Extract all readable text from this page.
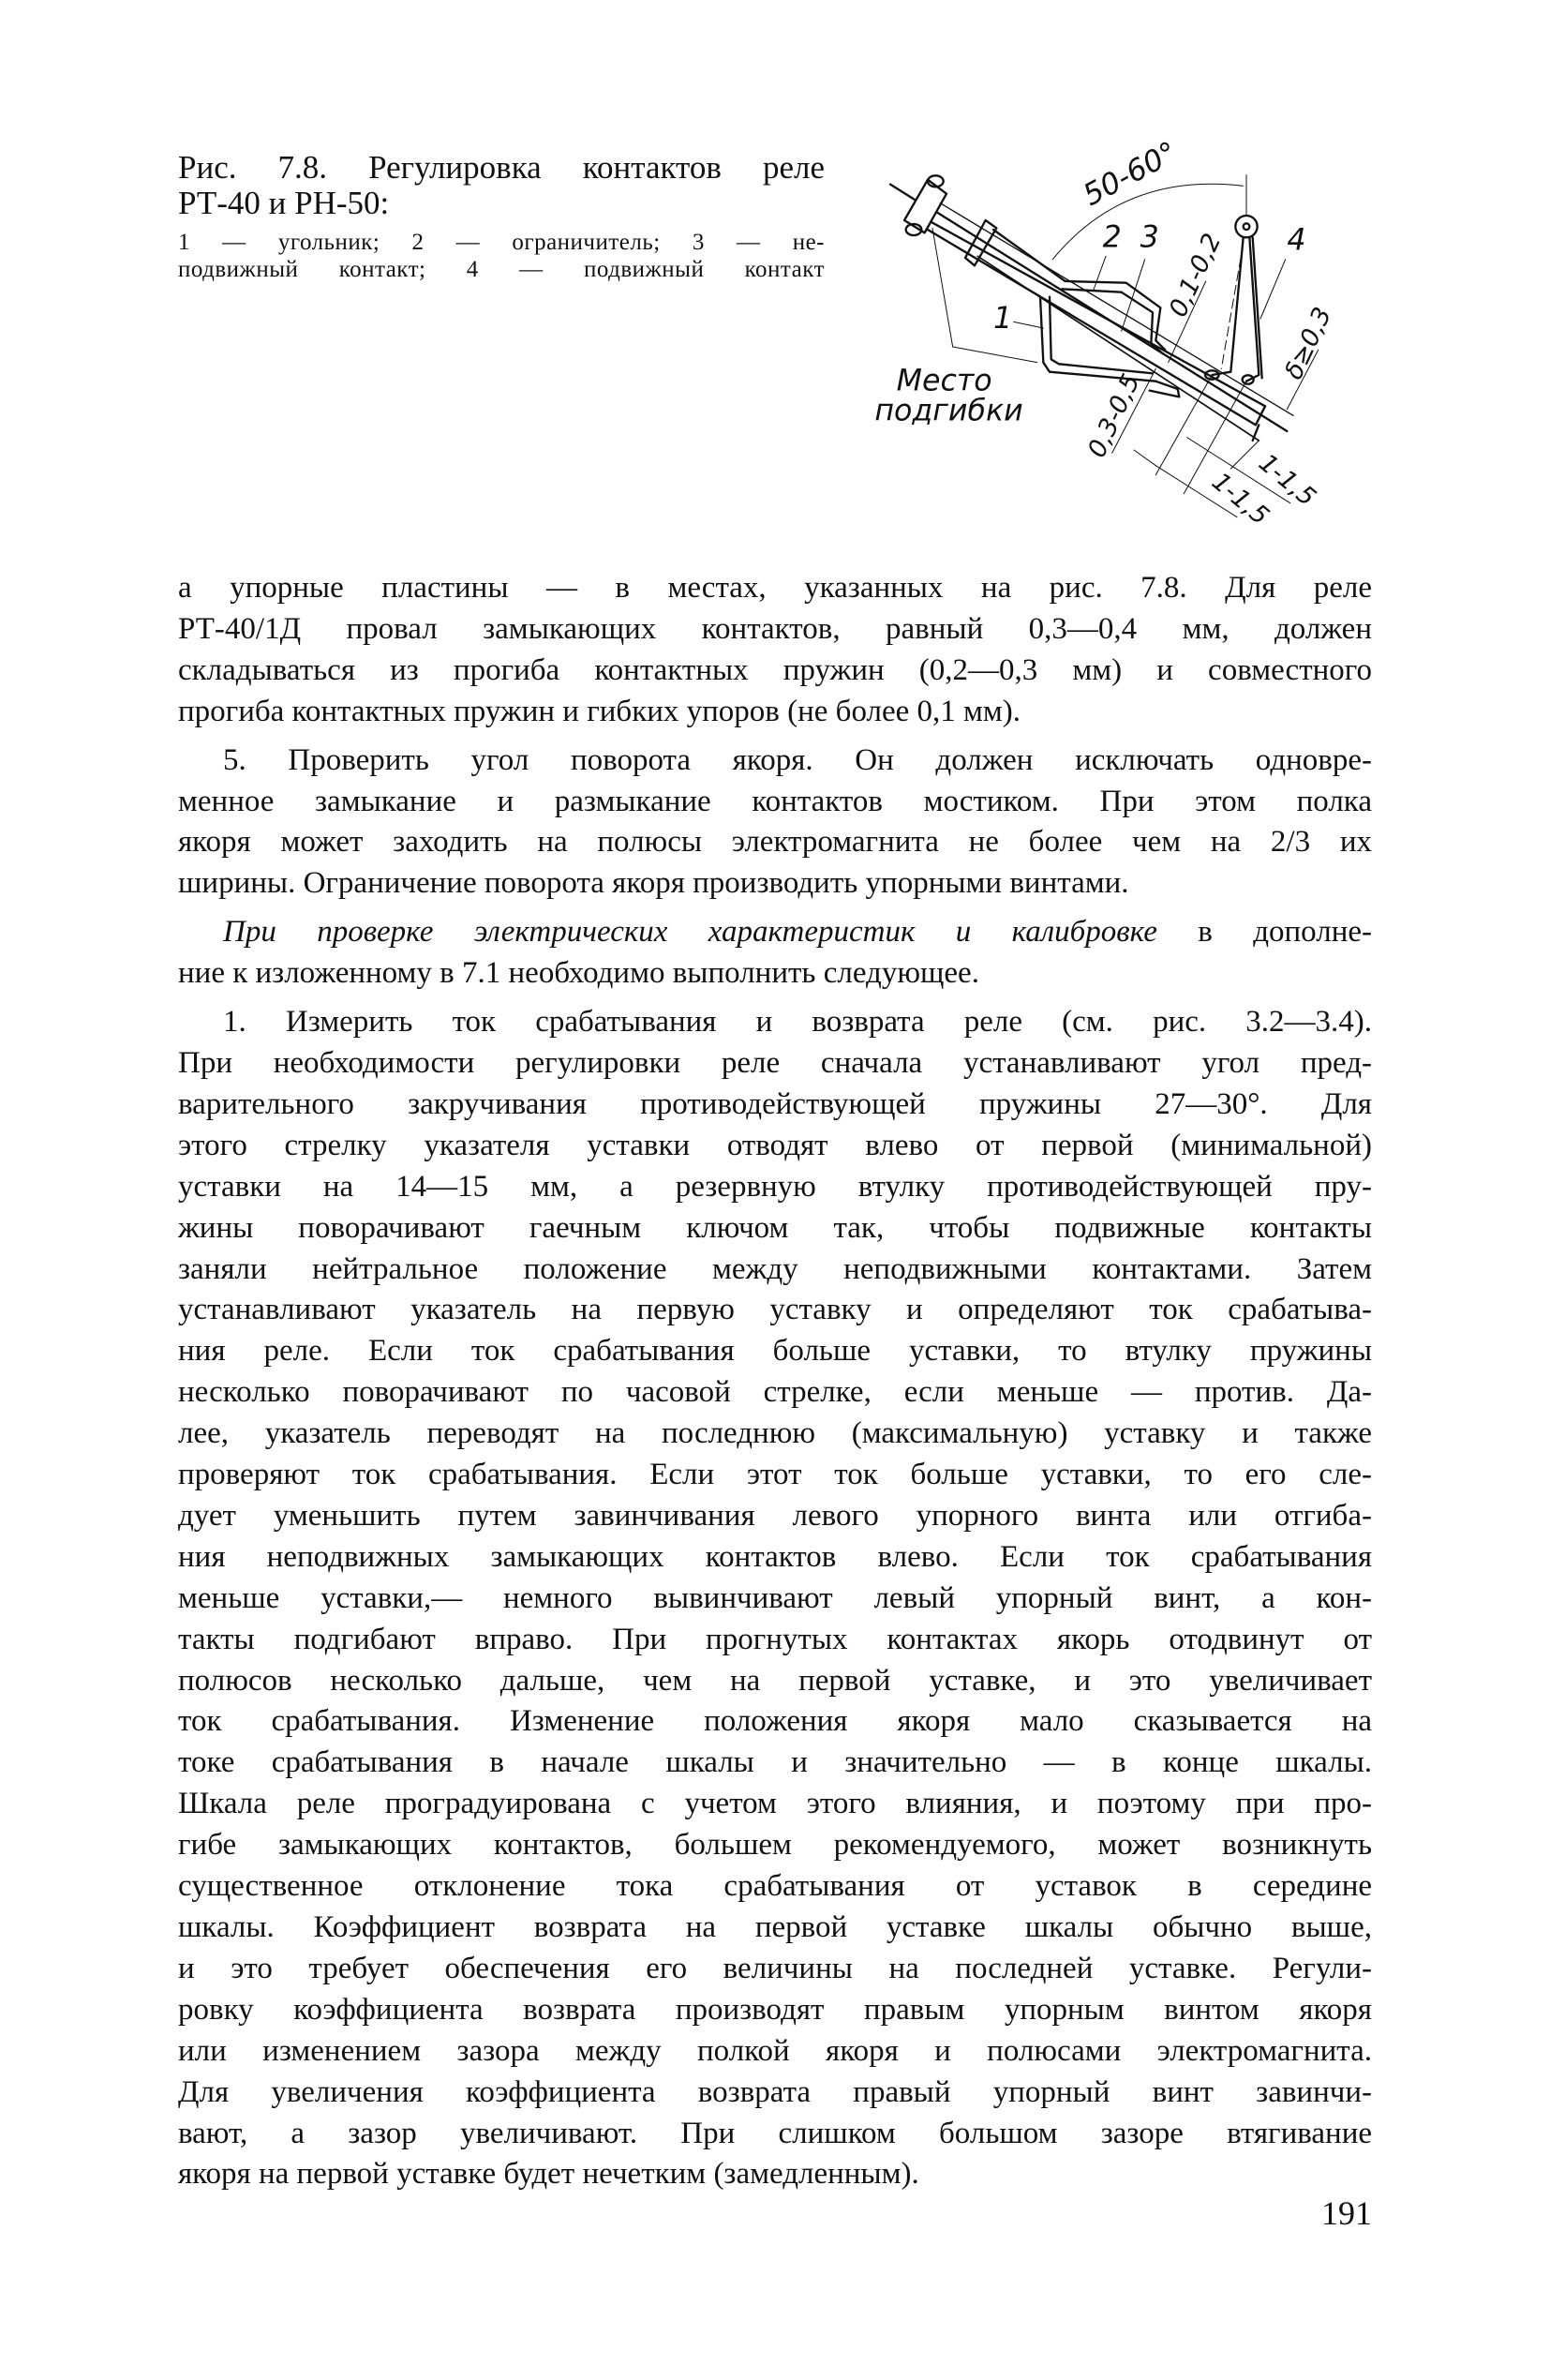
Рис. 7.8. Регулировка контактов реле
РТ-40 и РН-50:
1 — угольник; 2 — ограничитель; 3 — не-
подвижный контакт; 4 — подвижный контакт
50-60°
2 3
1
4
0,1-0,2
δ≥0,3
Место
подгибки 0,3-0,5
1-1,5
1-1,5
а упорные пластины — в местах, указанных на рис. 7.8. Для реле
РТ-40/1Д провал замыкающих контактов, равный 0,3—0,4 мм, должен
складываться из прогиба контактных пружин (0,2—0,3 мм) и совместного
прогиба контактных пружин и гибких упоров (не более 0,1 мм).
5. Проверить угол поворота якоря. Он должен исключать одновре-
менное замыкание и размыкание контактов мостиком. При этом полка
якоря может заходить на полюсы электромагнита не более чем на 2/3 их
ширины. Ограничение поворота якоря производить упорными винтами.
При проверке электрических характеристик и калибровке в дополне-
ние к изложенному в 7.1 необходимо выполнить следующее.
1. Измерить ток срабатывания и возврата реле (см. рис. 3.2—3.4).
При необходимости регулировки реле сначала устанавливают угол пред-
варительного закручивания противодействующей пружины 27—30°. Для
этого стрелку указателя уставки отводят влево от первой (минимальной)
уставки на 14—15 мм, а резервную втулку противодействующей пру-
жины поворачивают гаечным ключом так, чтобы подвижные контакты
заняли нейтральное положение между неподвижными контактами. Затем
устанавливают указатель на первую уставку и определяют ток срабатыва-
ния реле. Если ток срабатывания больше уставки, то втулку пружины
несколько поворачивают по часовой стрелке, если меньше — против. Да-
лее, указатель переводят на последнюю (максимальную) уставку и также
проверяют ток срабатывания. Если этот ток больше уставки, то его сле-
дует уменьшить путем завинчивания левого упорного винта или отгиба-
ния неподвижных замыкающих контактов влево. Если ток срабатывания
меньше уставки,— немного вывинчивают левый упорный винт, а кон-
такты подгибают вправо. При прогнутых контактах якорь отодвинут от
полюсов несколько дальше, чем на первой уставке, и это увеличивает
ток срабатывания. Изменение положения якоря мало сказывается на
токе срабатывания в начале шкалы и значительно — в конце шкалы.
Шкала реле проградуирована с учетом этого влияния, и поэтому при про-
гибе замыкающих контактов, большем рекомендуемого, может возникнуть
существенное отклонение тока срабатывания от уставок в середине
шкалы. Коэффициент возврата на первой уставке шкалы обычно выше,
и это требует обеспечения его величины на последней уставке. Регули-
ровку коэффициента возврата производят правым упорным винтом якоря
или изменением зазора между полкой якоря и полюсами электромагнита.
Для увеличения коэффициента возврата правый упорный винт завинчи-
вают, а зазор увеличивают. При слишком большом зазоре втягивание
якоря на первой уставке будет нечетким (замедленным).
191
